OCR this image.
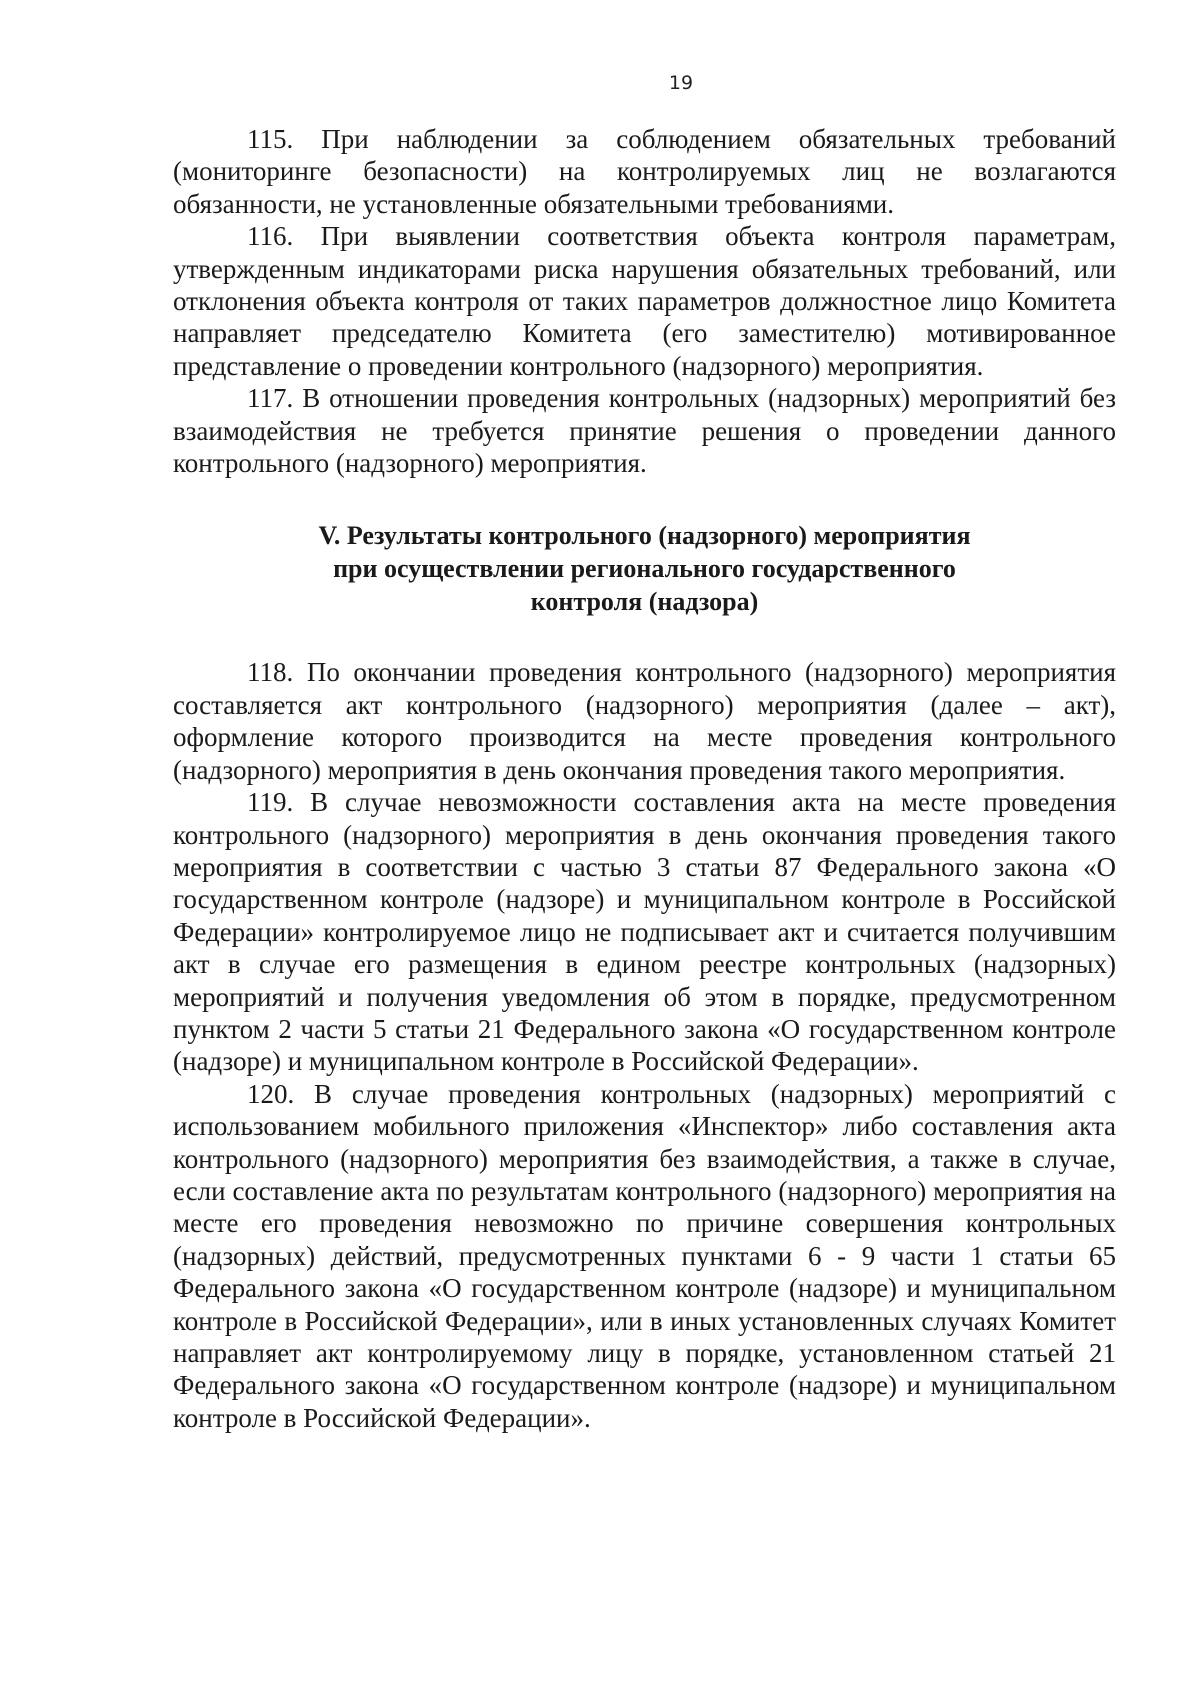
19

115. При наблюдении за соблюдением обязательных требований (мониторинге безопасности) на контролируемых лиц не возлагаются обязанности, не установленные обязательными требованиями.

116. При выявлении соответствия объекта контроля параметрам, утвержденным индикаторами риска нарушения обязательных требований, или отклонения объекта контроля от таких параметров должностное лицо Комитета направляет председателю Комитета (его заместителю) мотивированное представление о проведении контрольного (надзорного) мероприятия.

117. В отношении проведения контрольных (надзорных) мероприятий без взаимодействия не требуется принятие решения о проведении данного контрольного (надзорного) мероприятия.

V. Результаты контрольного (надзорного) мероприятия
при осуществлении регионального государственного
контроля (надзора)

118. По окончании проведения контрольного (надзорного) мероприятия составляется акт контрольного (надзорного) мероприятия (далее – акт), оформление которого производится на месте проведения контрольного (надзорного) мероприятия в день окончания проведения такого мероприятия.

119. В случае невозможности составления акта на месте проведения контрольного (надзорного) мероприятия в день окончания проведения такого мероприятия в соответствии с частью 3 статьи 87 Федерального закона «О государственном контроле (надзоре) и муниципальном контроле в Российской Федерации» контролируемое лицо не подписывает акт и считается получившим акт в случае его размещения в едином реестре контрольных (надзорных) мероприятий и получения уведомления об этом в порядке, предусмотренном пунктом 2 части 5 статьи 21 Федерального закона «О государственном контроле (надзоре) и муниципальном контроле в Российской Федерации».

120. В случае проведения контрольных (надзорных) мероприятий с использованием мобильного приложения «Инспектор» либо составления акта контрольного (надзорного) мероприятия без взаимодействия, а также в случае, если составление акта по результатам контрольного (надзорного) мероприятия на месте его проведения невозможно по причине совершения контрольных (надзорных) действий, предусмотренных пунктами 6 - 9 части 1 статьи 65 Федерального закона «О государственном контроле (надзоре) и муниципальном контроле в Российской Федерации», или в иных установленных случаях Комитет направляет акт контролируемому лицу в порядке, установленном статьей 21 Федерального закона «О государственном контроле (надзоре) и муниципальном контроле в Российской Федерации».
